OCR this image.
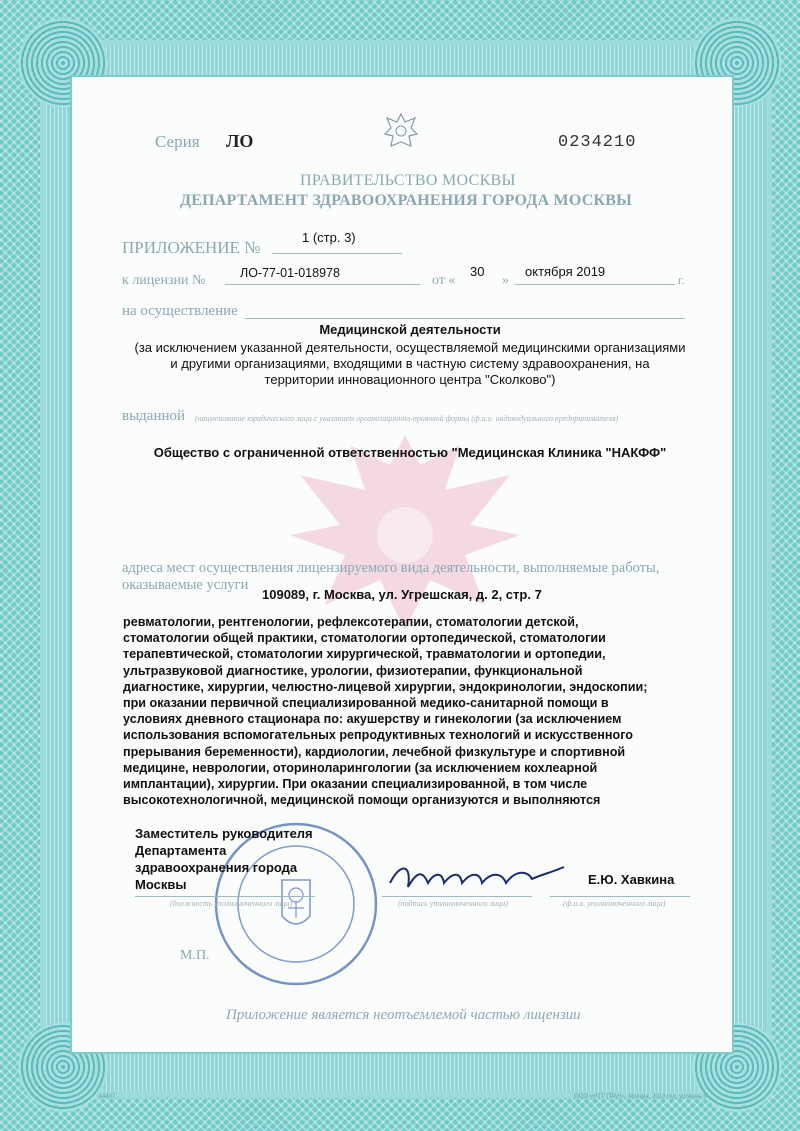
Серия ЛО	0234210
ПРАВИТЕЛЬСТВО МОСКВЫ
ДЕПАРТАМЕНТ ЗДРАВООХРАНЕНИЯ ГОРОДА МОСКВЫ
ПРИЛОЖЕНИЕ №
1 (стр. 3)
к лицензии №	ЛО-77-01-018978	от «
30
»
октября 2019
г.
на осуществление
Медицинской деятельности
(за исключением указанной деятельности, осуществляемой медицинскими организациями
и другими организациями, входящими в частную систему здравоохранения, на
территории инновационного центра "Сколково")
выданной (наименование юридического лица с указанием организационно-правовой формы (ф.и.о. индивидуального предпринимателя)
Общество с ограниченной ответственностью "Медицинская Клиника "НАКФФ"
адреса мест осуществления лицензируемого вида деятельности, выполняемые работы,
оказываемые услуги
109089, г. Москва, ул. Угрешская, д. 2, стр. 7

ревматологии, рентгенологии, рефлексотерапии, стоматологии детской,

стоматологии общей практики, стоматологии ортопедической, стоматологии

терапевтической, стоматологии хирургической, травматологии и ортопедии,

ультразвуковой диагностике, урологии, физиотерапии, функциональной

диагностике, хирургии, челюстно-лицевой хирургии, эндокринологии, эндоскопии;

при оказании первичной специализированной медико-санитарной помощи в

условиях дневного стационара по: акушерству и гинекологии (за исключением

использования вспомогательных репродуктивных технологий и искусственного

прерывания беременности), кардиологии, лечебной физкультуре и спортивной

медицине, неврологии, оториноларингологии (за исключением кохлеарной

имплантации), хирургии. При оказании специализированной, в том числе

высокотехнологичной, медицинской помощи организуются и выполняются

Заместитель руководителя
Департамента
здравоохранения города
Москвы	Е.Ю. Хавкина
(должность уполномоченного лица)	(подпись уполномоченного лица)	(ф.и.о. уполномоченного лица)
М.П.
Приложение является неотъемлемой частью лицензии
А4407	ООО «НТТ ГРАН», Москва, 2013 год, уровень Б
